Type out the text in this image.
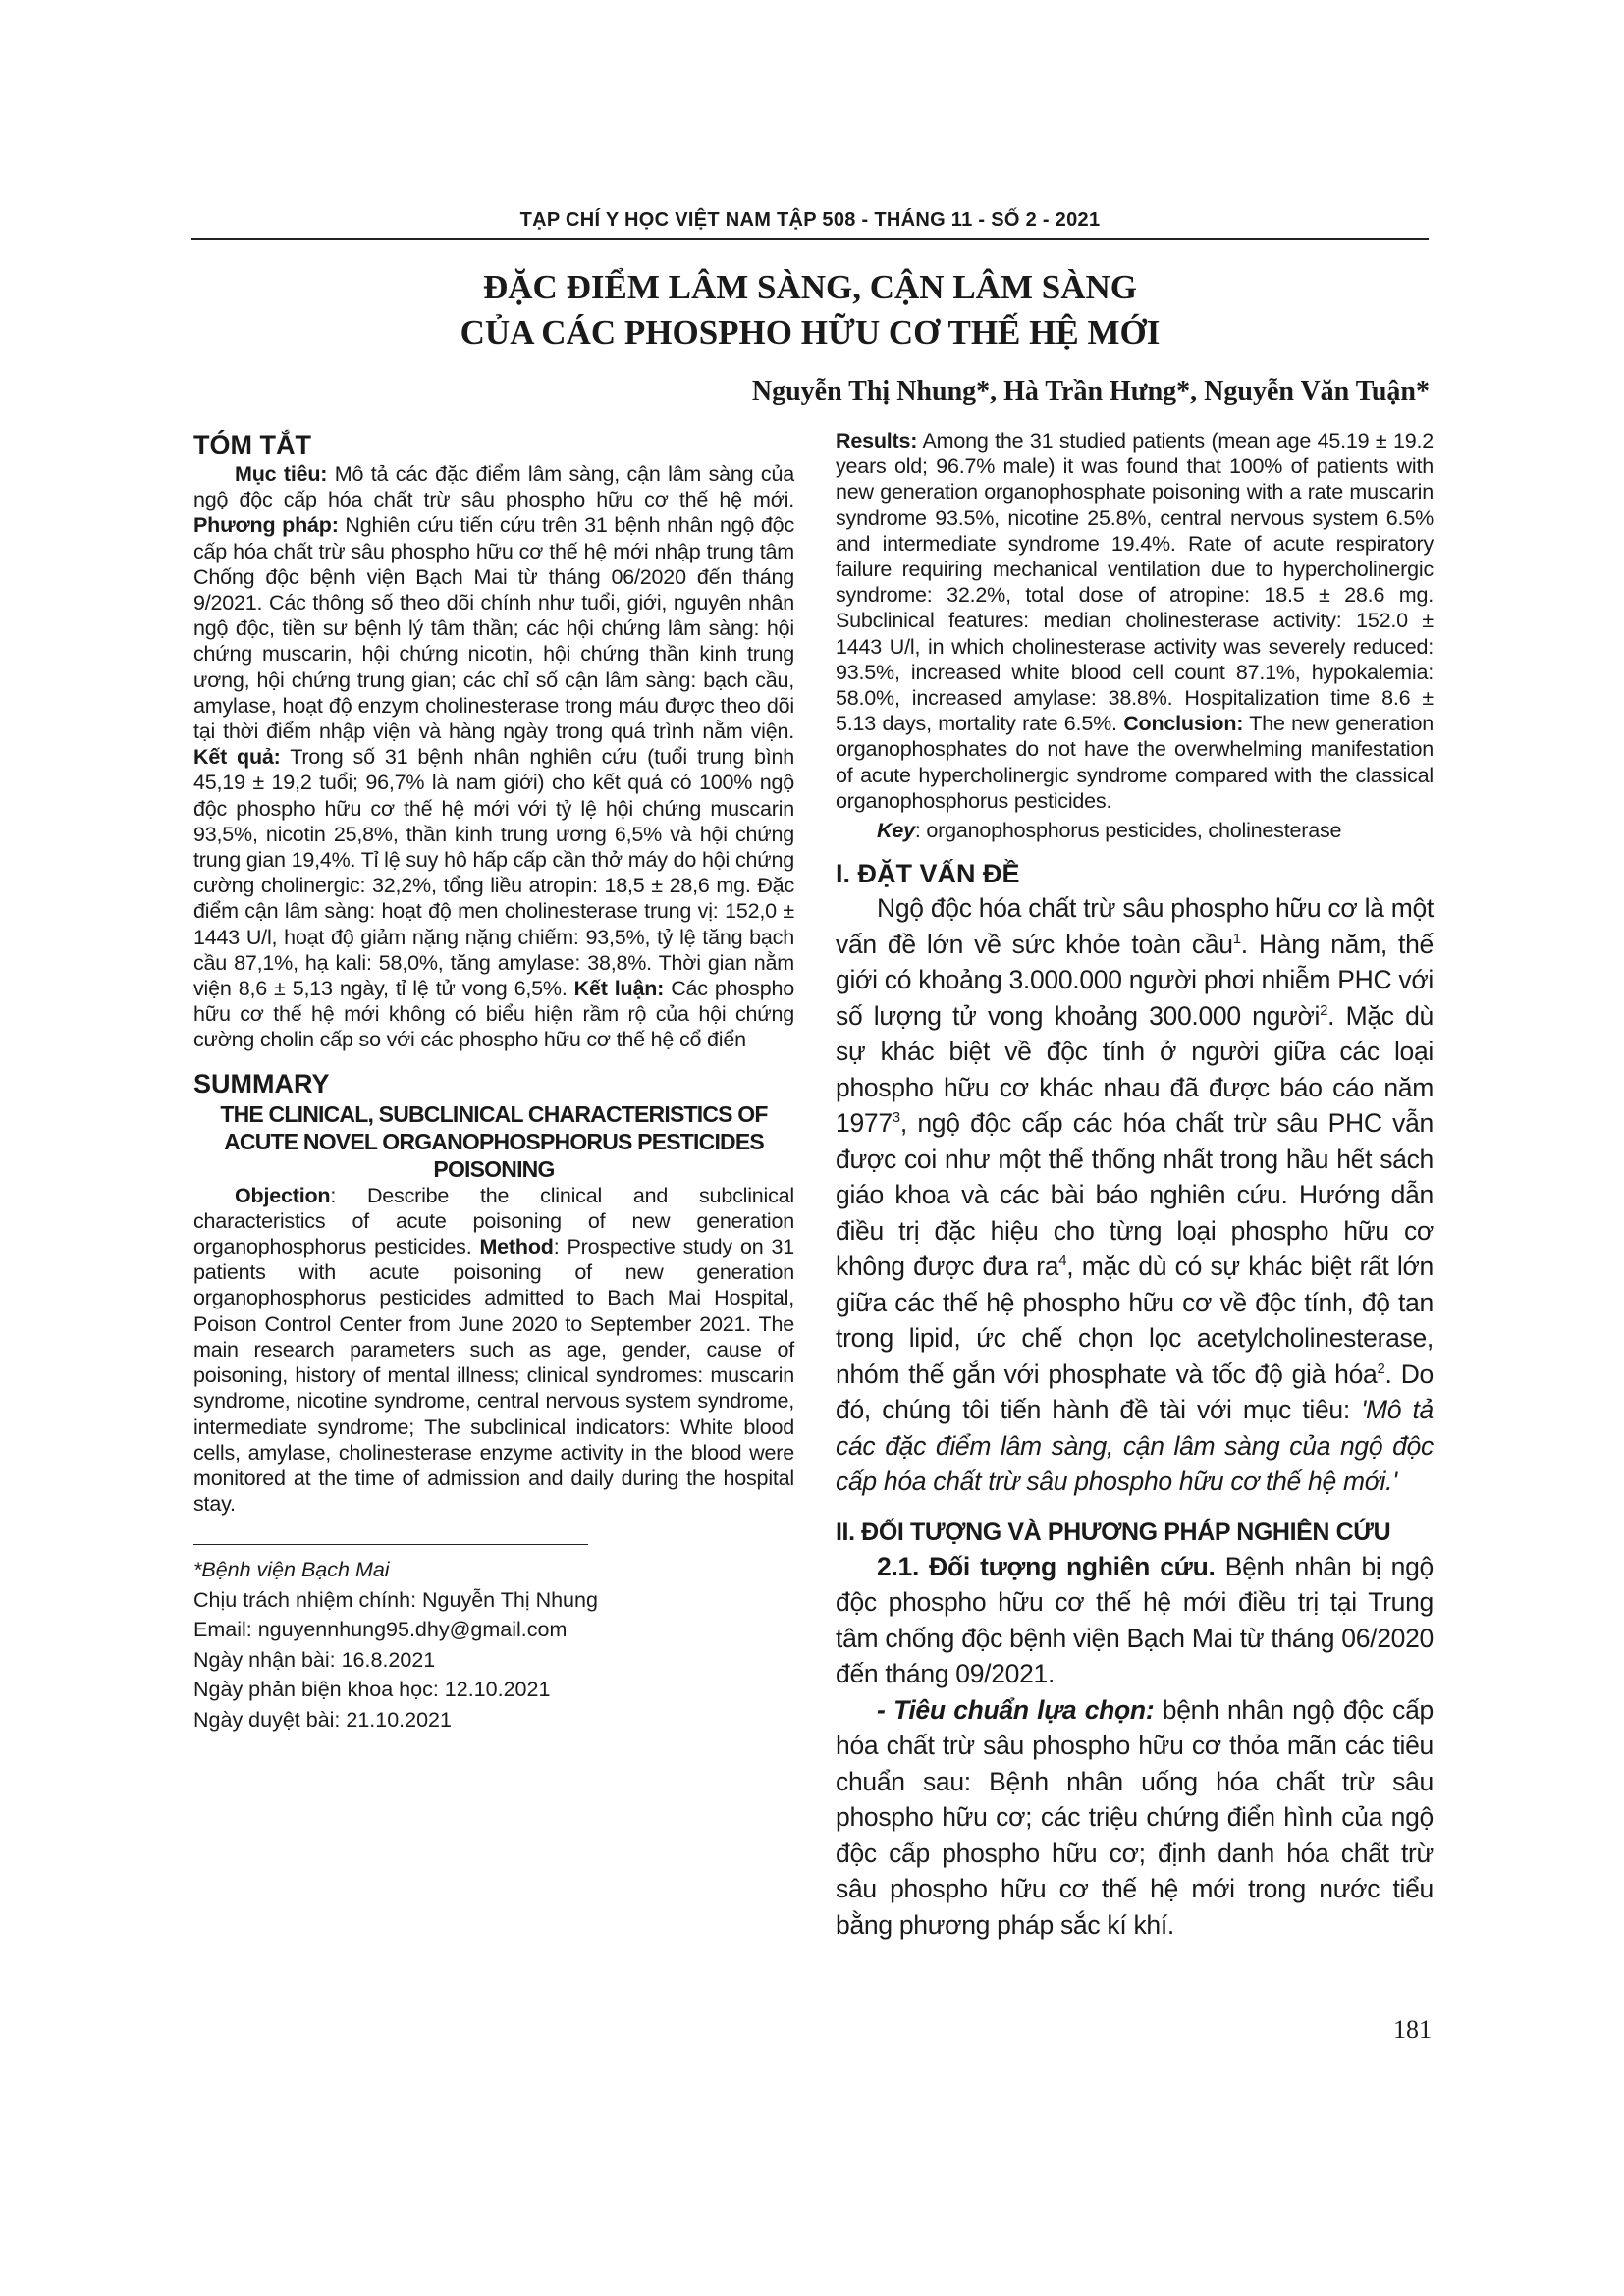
TẠP CHÍ Y HỌC VIỆT NAM TẬP 508 - THÁNG 11 - SỐ 2 - 2021
ĐẶC ĐIỂM LÂM SÀNG, CẬN LÂM SÀNG
CỦA CÁC PHOSPHO HỮU CƠ THẾ HỆ MỚI
Nguyễn Thị Nhung*, Hà Trần Hưng*, Nguyễn Văn Tuận*
TÓM TẮT

Mục tiêu: Mô tả các đặc điểm lâm sàng, cận lâm sàng của ngộ độc cấp hóa chất trừ sâu phospho hữu cơ thế hệ mới. Phương pháp: Nghiên cứu tiến cứu trên 31 bệnh nhân ngộ độc cấp hóa chất trừ sâu phospho hữu cơ thế hệ mới nhập trung tâm Chống độc bệnh viện Bạch Mai từ tháng 06/2020 đến tháng 9/2021. Các thông số theo dõi chính như tuổi, giới, nguyên nhân ngộ độc, tiền sư bệnh lý tâm thần; các hội chứng lâm sàng: hội chứng muscarin, hội chứng nicotin, hội chứng thần kinh trung ương, hội chứng trung gian; các chỉ số cận lâm sàng: bạch cầu, amylase, hoạt độ enzym cholinesterase trong máu được theo dõi tại thời điểm nhập viện và hàng ngày trong quá trình nằm viện. Kết quả: Trong số 31 bệnh nhân nghiên cứu (tuổi trung bình 45,19 ± 19,2 tuổi; 96,7% là nam giới) cho kết quả có 100% ngộ độc phospho hữu cơ thế hệ mới với tỷ lệ hội chứng muscarin 93,5%, nicotin 25,8%, thần kinh trung ương 6,5% và hội chứng trung gian 19,4%. Tỉ lệ suy hô hấp cấp cần thở máy do hội chứng cường cholinergic: 32,2%, tổng liều atropin: 18,5 ± 28,6 mg. Đặc điểm cận lâm sàng: hoạt độ men cholinesterase trung vị: 152,0 ± 1443 U/l, hoạt độ giảm nặng nặng chiếm: 93,5%, tỷ lệ tăng bạch cầu 87,1%, hạ kali: 58,0%, tăng amylase: 38,8%. Thời gian nằm viện 8,6 ± 5,13 ngày, tỉ lệ tử vong 6,5%. Kết luận: Các phospho hữu cơ thế hệ mới không có biểu hiện rầm rộ của hội chứng cường cholin cấp so với các phospho hữu cơ thế hệ cổ điển

SUMMARY

THE CLINICAL, SUBCLINICAL CHARACTERISTICS OF ACUTE NOVEL ORGANOPHOSPHORUS PESTICIDES POISONING

Objection: Describe the clinical and subclinical characteristics of acute poisoning of new generation organophosphorus pesticides. Method: Prospective study on 31 patients with acute poisoning of new generation organophosphorus pesticides admitted to Bach Mai Hospital, Poison Control Center from June 2020 to September 2021. The main research parameters such as age, gender, cause of poisoning, history of mental illness; clinical syndromes: muscarin syndrome, nicotine syndrome, central nervous system syndrome, intermediate syndrome; The subclinical indicators: White blood cells, amylase, cholinesterase enzyme activity in the blood were monitored at the time of admission and daily during the hospital stay.

*Bệnh viện Bạch Mai

Chịu trách nhiệm chính: Nguyễn Thị Nhung

Email: nguyennhung95.dhy@gmail.com

Ngày nhận bài: 16.8.2021

Ngày phản biện khoa học: 12.10.2021

Ngày duyệt bài: 21.10.2021

Results: Among the 31 studied patients (mean age 45.19 ± 19.2 years old; 96.7% male) it was found that 100% of patients with new generation organophosphate poisoning with a rate muscarin syndrome 93.5%, nicotine 25.8%, central nervous system 6.5% and intermediate syndrome 19.4%. Rate of acute respiratory failure requiring mechanical ventilation due to hypercholinergic syndrome: 32.2%, total dose of atropine: 18.5 ± 28.6 mg. Subclinical features: median cholinesterase activity: 152.0 ± 1443 U/l, in which cholinesterase activity was severely reduced: 93.5%, increased white blood cell count 87.1%, hypokalemia: 58.0%, increased amylase: 38.8%. Hospitalization time 8.6 ± 5.13 days, mortality rate 6.5%. Conclusion: The new generation organophosphates do not have the overwhelming manifestation of acute hypercholinergic syndrome compared with the classical organophosphorus pesticides.

Key: organophosphorus pesticides, cholinesterase

I. ĐẶT VẤN ĐỀ

Ngộ độc hóa chất trừ sâu phospho hữu cơ là một vấn đề lớn về sức khỏe toàn cầu$^1$. Hàng năm, thế giới có khoảng 3.000.000 người phơi nhiễm PHC với số lượng tử vong khoảng 300.000 người$^2$. Mặc dù sự khác biệt về độc tính ở người giữa các loại phospho hữu cơ khác nhau đã được báo cáo năm 1977$^3$, ngộ độc cấp các hóa chất trừ sâu PHC vẫn được coi như một thể thống nhất trong hầu hết sách giáo khoa và các bài báo nghiên cứu. Hướng dẫn điều trị đặc hiệu cho từng loại phospho hữu cơ không được đưa $ra^4$, mặc dù có sự khác biệt rất lớn giữa các thế hệ phospho hữu cơ về độc tính, độ tan trong lipid, ức chế chọn lọc acetylcholinesterase, nhóm thế gắn với phosphate và tốc độ già hóa$^2$. Do đó, chúng tôi tiến hành đề tài với mục tiêu: 'Mô tả các đặc điểm lâm sàng, cận lâm sàng của ngộ độc cấp hóa chất trừ sâu phospho hữu cơ thế hệ mới.'

II. ĐỐI TƯỢNG VÀ PHƯƠNG PHÁP NGHIÊN CỨU

2.1. Đối tượng nghiên cứu. Bệnh nhân bị ngộ độc phospho hữu cơ thế hệ mới điều trị tại Trung tâm chống độc bệnh viện Bạch Mai từ tháng 06/2020 đến tháng 09/2021.

- Tiêu chuẩn lựa chọn: bệnh nhân ngộ độc cấp hóa chất trừ sâu phospho hữu cơ thỏa mãn các tiêu chuẩn sau: Bệnh nhân uống hóa chất trừ sâu phospho hữu cơ; các triệu chứng điển hình của ngộ độc cấp phospho hữu cơ; định danh hóa chất trừ sâu phospho hữu cơ thế hệ mới trong nước tiểu bằng phương pháp sắc kí khí.

181
